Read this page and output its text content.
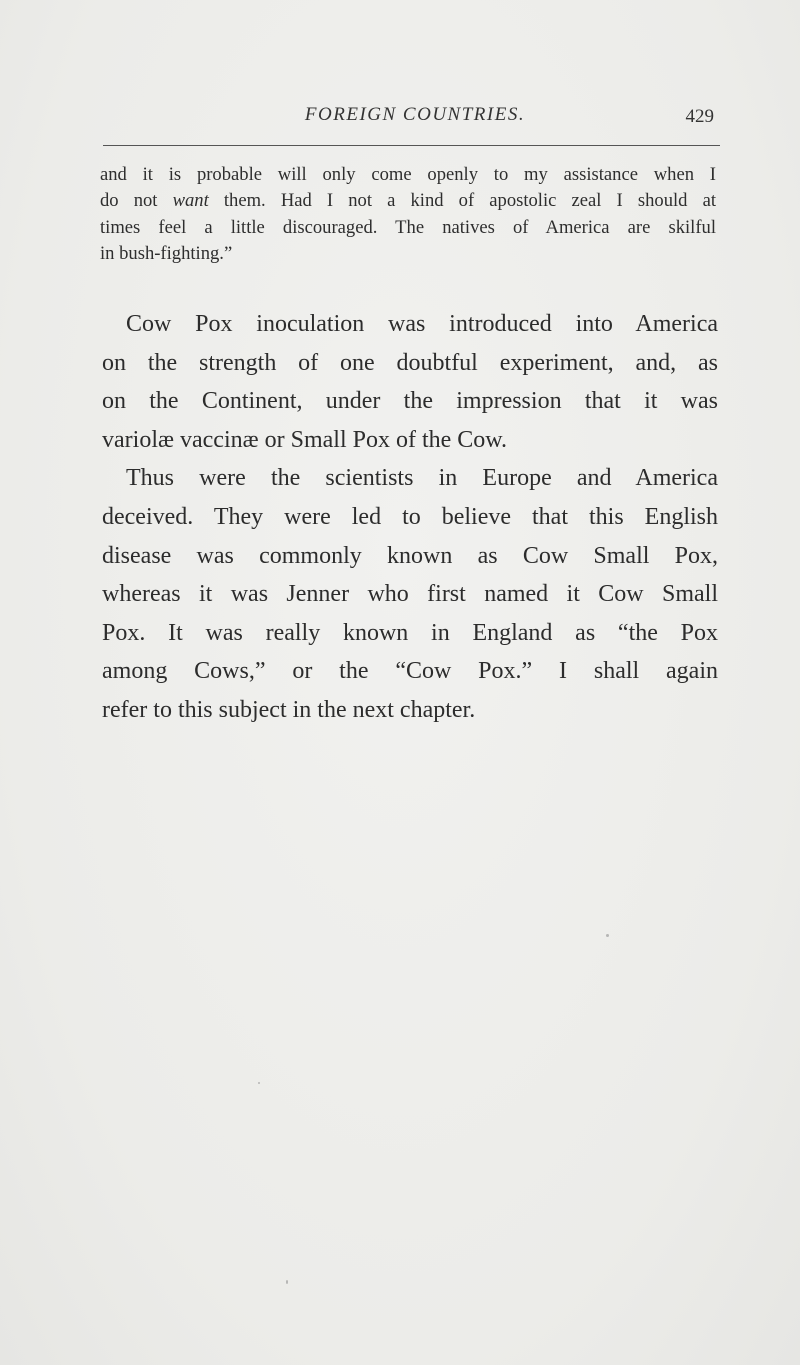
FOREIGN COUNTRIES.	429
and it is probable will only come openly to my assistance when I
do not want them. Had I not a kind of apostolic zeal I should at
times feel a little discouraged. The natives of America are skilful
in bush-fighting.”
Cow Pox inoculation was introduced into America
on the strength of one doubtful experiment, and, as
on the Continent, under the impression that it was
variolæ vaccinæ or Small Pox of the Cow.
Thus were the scientists in Europe and America
deceived. They were led to believe that this English
disease was commonly known as Cow Small Pox,
whereas it was Jenner who first named it Cow Small
Pox. It was really known in England as “the Pox
among Cows,” or the “Cow Pox.” I shall again
refer to this subject in the next chapter.
